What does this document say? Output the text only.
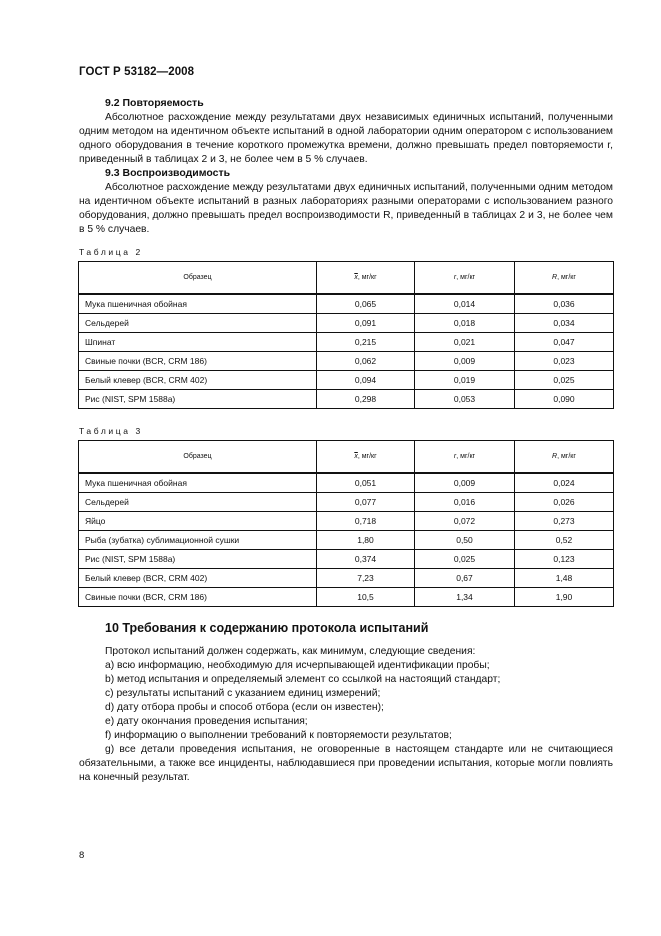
ГОСТ Р 53182—2008
9.2 Повторяемость
Абсолютное расхождение между результатами двух независимых единичных испытаний, полученными одним методом на идентичном объекте испытаний в одной лаборатории одним оператором с использованием одного оборудования в течение короткого промежутка времени, должно превышать предел повторяемости r, приведенный в таблицах 2 и 3, не более чем в 5 % случаев.
9.3 Воспроизводимость
Абсолютное расхождение между результатами двух единичных испытаний, полученными одним методом на идентичном объекте испытаний в разных лабораториях разными операторами с использованием разного оборудования, должно превышать предел воспроизводимости R, приведенный в таблицах 2 и 3, не более чем в 5 % случаев.
Таблица 2
Образец	$\overline{x}$, мг/кг	r, мг/кг	R, мг/кг
Мука пшеничная обойная	0,065	0,014	0,036
Сельдерей	0,091	0,018	0,034
Шпинат	0,215	0,021	0,047
Свиные почки (BCR, CRM 186)	0,062	0,009	0,023
Белый клевер (BCR, CRM 402)	0,094	0,019	0,025
Рис (NIST, SPM 1588a)	0,298	0,053	0,090
Таблица 3
Образец	$\overline{x}$, мг/кг	r, мг/кг	R, мг/кг
Мука пшеничная обойная	0,051	0,009	0,024
Сельдерей	0,077	0,016	0,026
Яйцо	0,718	0,072	0,273
Рыба (зубатка) сублимационной сушки	1,80	0,50	0,52
Рис (NIST, SPM 1588a)	0,374	0,025	0,123
Белый клевер (BCR, CRM 402)	7,23	0,67	1,48
Свиные почки (BCR, CRM 186)	10,5	1,34	1,90
10 Требования к содержанию протокола испытаний
Протокол испытаний должен содержать, как минимум, следующие сведения:
a) всю информацию, необходимую для исчерпывающей идентификации пробы;
b) метод испытания и определяемый элемент со ссылкой на настоящий стандарт;
c) результаты испытаний с указанием единиц измерений;
d) дату отбора пробы и способ отбора (если он известен);
e) дату окончания проведения испытания;
f) информацию о выполнении требований к повторяемости результатов;
g) все детали проведения испытания, не оговоренные в настоящем стандарте или не считающиеся обязательными, а также все инциденты, наблюдавшиеся при проведении испытания, которые могли повлиять на конечный результат.
8
